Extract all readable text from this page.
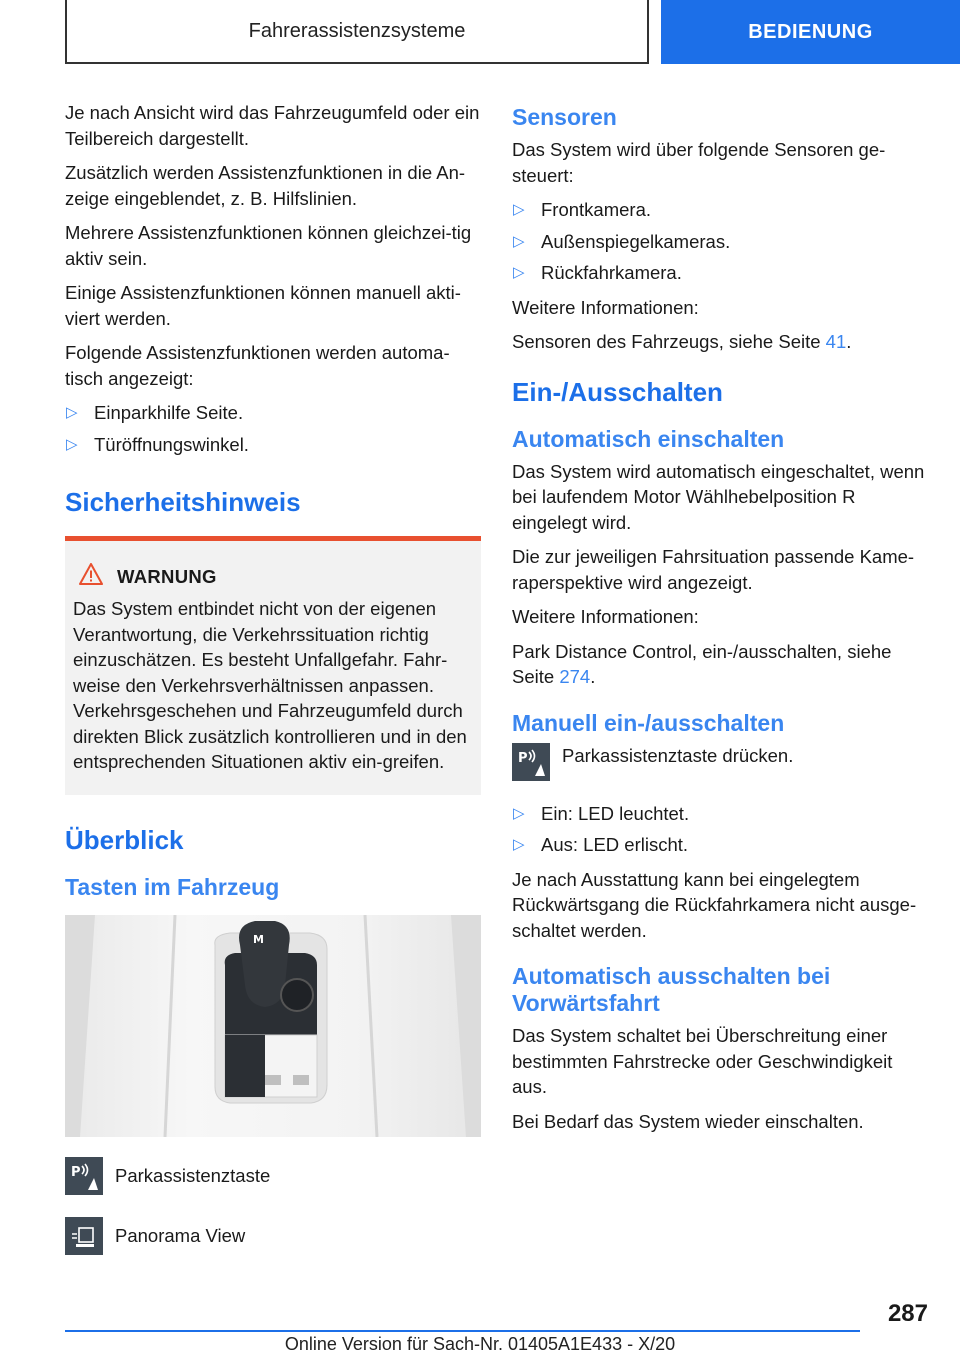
Fahrerassistenzsysteme	BEDIENUNG

Je nach Ansicht wird das Fahrzeugumfeld oder ein Teilbereich dargestellt.

Zusätzlich werden Assistenzfunktionen in die An-zeige eingeblendet, z. B. Hilfslinien.

Mehrere Assistenzfunktionen können gleichzei-tig aktiv sein.

Einige Assistenzfunktionen können manuell akti-viert werden.

Folgende Assistenzfunktionen werden automa-tisch angezeigt:

▷ Einparkhilfe Seite.
▷ Türöffnungswinkel.
Sicherheitshinweis
WARNUNG

Das System entbindet nicht von der eigenen Verantwortung, die Verkehrssituation richtig einzuschätzen. Es besteht Unfallgefahr. Fahr-weise den Verkehrsverhältnissen anpassen. Verkehrsgeschehen und Fahrzeugumfeld durch direkten Blick zusätzlich kontrollieren und in den entsprechenden Situationen aktiv ein-greifen.

Überblick
Tasten im Fahrzeug
M
P Parkassistenztaste

Panorama View

Sensoren

Das System wird über folgende Sensoren ge-steuert:

▷ Frontkamera.
▷ Außenspiegelkameras.
▷ Rückfahrkamera.

Weitere Informationen:

Sensoren des Fahrzeugs, siehe Seite 41.

Ein-/Ausschalten
Automatisch einschalten

Das System wird automatisch eingeschaltet, wenn bei laufendem Motor Wählhebelposition R eingelegt wird.

Die zur jeweiligen Fahrsituation passende Kame-raperspektive wird angezeigt.

Weitere Informationen:

Park Distance Control, ein-/ausschalten, siehe Seite 274.

Manuell ein-/ausschalten
P Parkassistenztaste drücken.

▷ Ein: LED leuchtet.
▷ Aus: LED erlischt.

Je nach Ausstattung kann bei eingelegtem Rückwärtsgang die Rückfahrkamera nicht ausge-schaltet werden.

Automatisch ausschalten bei Vorwärtsfahrt

Das System schaltet bei Überschreitung einer bestimmten Fahrstrecke oder Geschwindigkeit aus.

Bei Bedarf das System wieder einschalten.

287
Online Version für Sach-Nr. 01405A1E433 - X/20
